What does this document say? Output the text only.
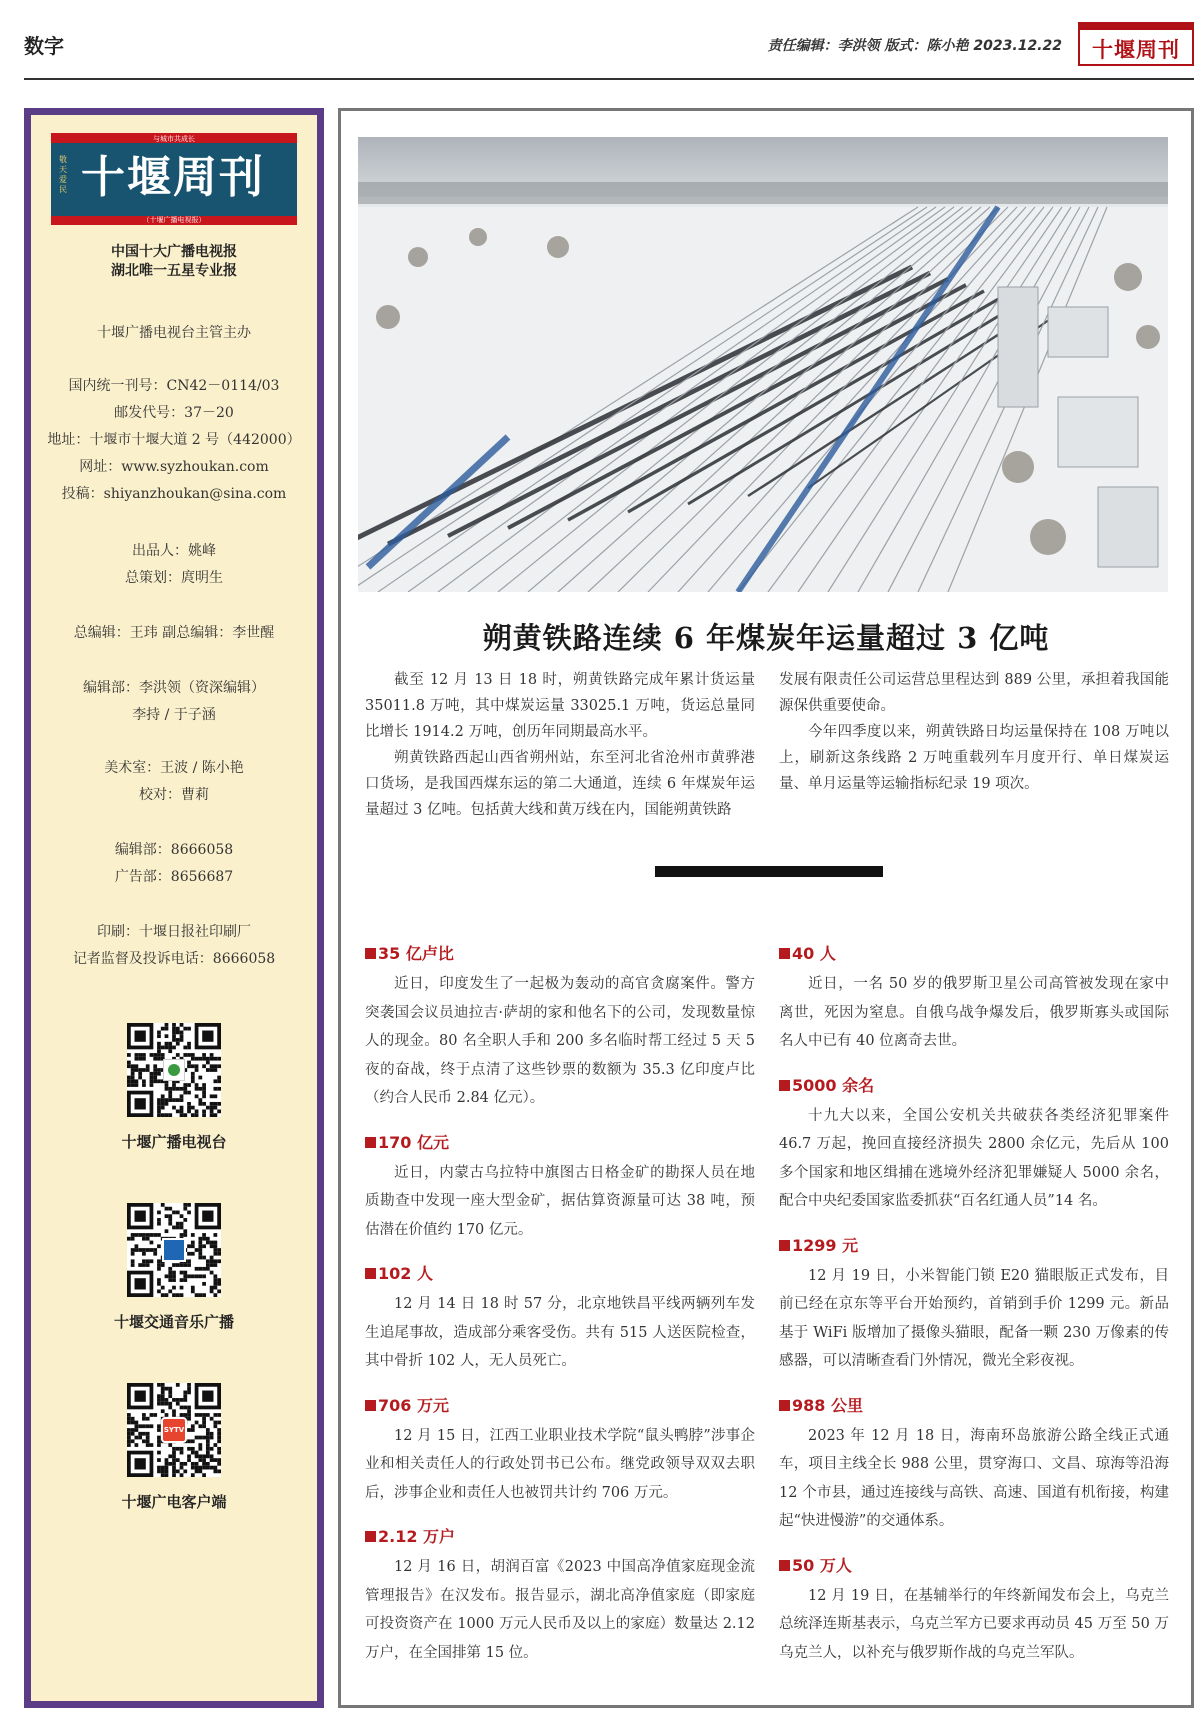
数字	责任编辑：李洪领 版式：陈小艳 2023.12.22	十堰周刊
与城市共成长
敬天爱民 十堰周刊
（十堰广播电视报）
中国十大广播电视报
湖北唯一五星专业报
十堰广播电视台主管主办
国内统一刊号：CN42－0114/03
邮发代号：37－20
地址：十堰市十堰大道 2 号（442000）
网址：www.syzhoukan.com
投稿：shiyanzhoukan@sina.com
出品人：姚峰
总策划：庹明生
总编辑：王玮 副总编辑：李世醒
编辑部：李洪领（资深编辑）
李持 / 于子涵
美术室：王波 / 陈小艳
校对：曹莉
编辑部：8666058
广告部：8656687
印刷：十堰日报社印刷厂
记者监督及投诉电话：8666058
十堰广播电视台
十堰交通音乐广播
SYTV
十堰广电客户端
朔黄铁路连续 6 年煤炭年运量超过 3 亿吨

截至 12 月 13 日 18 时，朔黄铁路完成年累计货运量 35011.8 万吨，其中煤炭运量 33025.1 万吨，货运总量同比增长 1914.2 万吨，创历年同期最高水平。

朔黄铁路西起山西省朔州站，东至河北省沧州市黄骅港口货场，是我国西煤东运的第二大通道，连续 6 年煤炭年运量超过 3 亿吨。包括黄大线和黄万线在内，国能朔黄铁路

发展有限责任公司运营总里程达到 889 公里，承担着我国能源保供重要使命。

今年四季度以来，朔黄铁路日均运量保持在 108 万吨以上，刷新这条线路 2 万吨重载列车月度开行、单日煤炭运量、单月运量等运输指标纪录 19 项次。

35 亿卢比
近日，印度发生了一起极为轰动的高官贪腐案件。警方突袭国会议员迪拉吉·萨胡的家和他名下的公司，发现数量惊人的现金。80 名全职人手和 200 多名临时帮工经过 5 天 5 夜的奋战，终于点清了这些钞票的数额为 35.3 亿印度卢比（约合人民币 2.84 亿元）。
170 亿元
近日，内蒙古乌拉特中旗图古日格金矿的勘探人员在地质勘查中发现一座大型金矿，据估算资源量可达 38 吨，预估潜在价值约 170 亿元。
102 人
12 月 14 日 18 时 57 分，北京地铁昌平线两辆列车发生追尾事故，造成部分乘客受伤。共有 515 人送医院检查，其中骨折 102 人，无人员死亡。
706 万元
12 月 15 日，江西工业职业技术学院“鼠头鸭脖”涉事企业和相关责任人的行政处罚书已公布。继党政领导双双去职后，涉事企业和责任人也被罚共计约 706 万元。
2.12 万户
12 月 16 日，胡润百富《2023 中国高净值家庭现金流管理报告》在汉发布。报告显示，湖北高净值家庭（即家庭可投资资产在 1000 万元人民币及以上的家庭）数量达 2.12 万户，在全国排第 15 位。
40 人
近日，一名 50 岁的俄罗斯卫星公司高管被发现在家中离世，死因为窒息。自俄乌战争爆发后，俄罗斯寡头或国际名人中已有 40 位离奇去世。
5000 余名
十九大以来，全国公安机关共破获各类经济犯罪案件 46.7 万起，挽回直接经济损失 2800 余亿元，先后从 100 多个国家和地区缉捕在逃境外经济犯罪嫌疑人 5000 余名，配合中央纪委国家监委抓获“百名红通人员”14 名。
1299 元
12 月 19 日，小米智能门锁 E20 猫眼版正式发布，目前已经在京东等平台开始预约，首销到手价 1299 元。新品基于 WiFi 版增加了摄像头猫眼，配备一颗 230 万像素的传感器，可以清晰查看门外情况，微光全彩夜视。
988 公里
2023 年 12 月 18 日，海南环岛旅游公路全线正式通车，项目主线全长 988 公里，贯穿海口、文昌、琼海等沿海 12 个市县，通过连接线与高铁、高速、国道有机衔接，构建起“快进慢游”的交通体系。
50 万人
12 月 19 日，在基辅举行的年终新闻发布会上，乌克兰总统泽连斯基表示，乌克兰军方已要求再动员 45 万至 50 万乌克兰人，以补充与俄罗斯作战的乌克兰军队。
